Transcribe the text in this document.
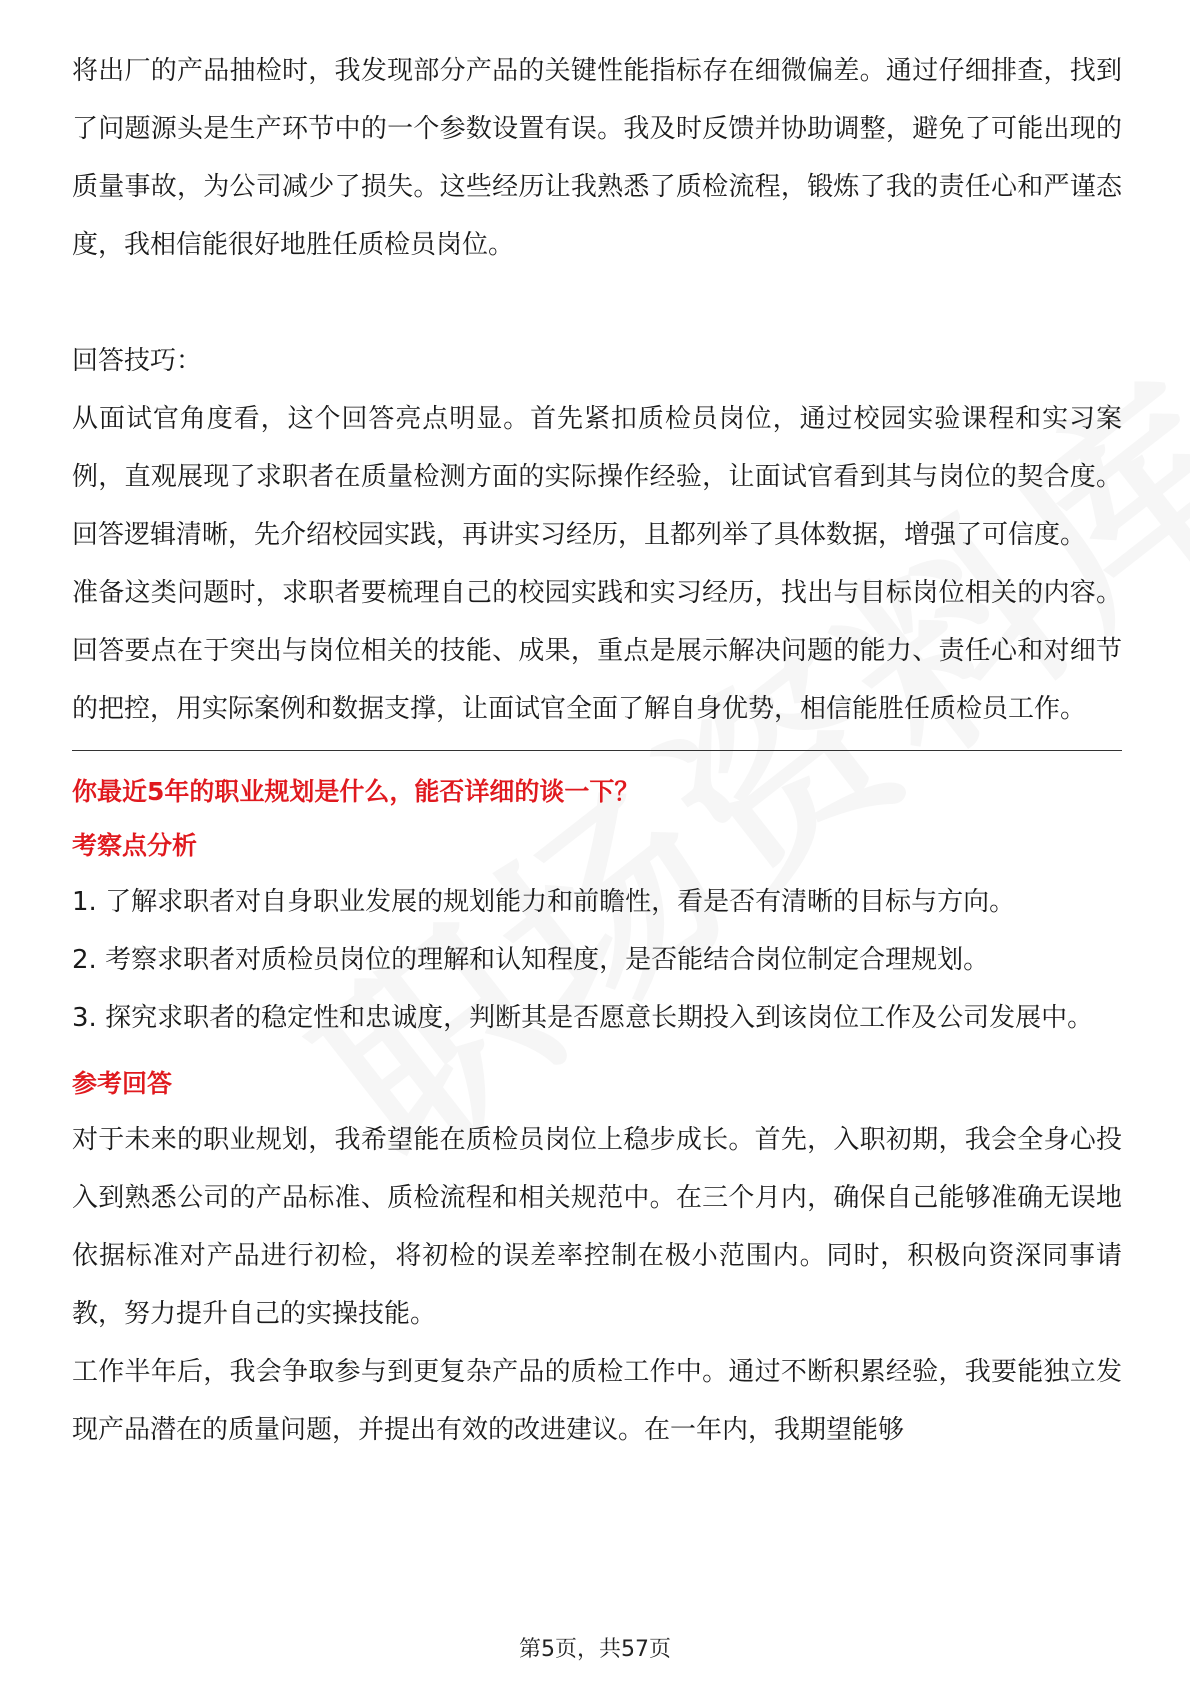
将出厂的产品抽检时，我发现部分产品的关键性能指标存在细微偏差。通过仔细排查，找到了问题源头是生产环节中的一个参数设置有误。我及时反馈并协助调整，避免了可能出现的质量事故，为公司减少了损失。这些经历让我熟悉了质检流程，锻炼了我的责任心和严谨态度，我相信能很好地胜任质检员岗位。

回答技巧：

从面试官角度看，这个回答亮点明显。首先紧扣质检员岗位，通过校园实验课程和实习案例，直观展现了求职者在质量检测方面的实际操作经验，让面试官看到其与岗位的契合度。回答逻辑清晰，先介绍校园实践，再讲实习经历，且都列举了具体数据，增强了可信度。

准备这类问题时，求职者要梳理自己的校园实践和实习经历，找出与目标岗位相关的内容。回答要点在于突出与岗位相关的技能、成果，重点是展示解决问题的能力、责任心和对细节的把控，用实际案例和数据支撑，让面试官全面了解自身优势，相信能胜任质检员工作。

你最近5年的职业规划是什么，能否详细的谈一下？

考察点分析

1. 了解求职者对自身职业发展的规划能力和前瞻性，看是否有清晰的目标与方向。
2. 考察求职者对质检员岗位的理解和认知程度，是否能结合岗位制定合理规划。
3. 探究求职者的稳定性和忠诚度，判断其是否愿意长期投入到该岗位工作及公司发展中。

参考回答

对于未来的职业规划，我希望能在质检员岗位上稳步成长。首先，入职初期，我会全身心投入到熟悉公司的产品标准、质检流程和相关规范中。在三个月内，确保自己能够准确无误地依据标准对产品进行初检，将初检的误差率控制在极小范围内。同时，积极向资深同事请教，努力提升自己的实操技能。

工作半年后，我会争取参与到更复杂产品的质检工作中。通过不断积累经验，我要能独立发现产品潜在的质量问题，并提出有效的改进建议。在一年内，我期望能够

第5页，共57页
